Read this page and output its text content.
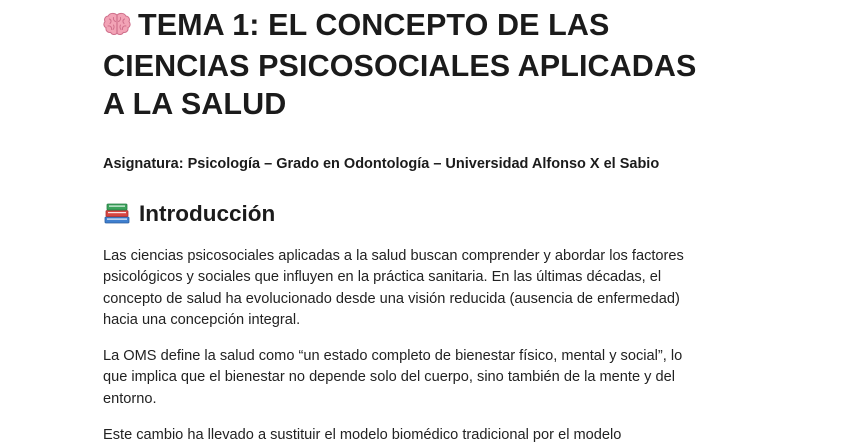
TEMA 1: EL CONCEPTO DE LAS
CIENCIAS PSICOSOCIALES APLICADAS
A LA SALUD

Asignatura: Psicología – Grado en Odontología – Universidad Alfonso X el Sabio

Introducción

Las ciencias psicosociales aplicadas a la salud buscan comprender y abordar los factores
psicológicos y sociales que influyen en la práctica sanitaria. En las últimas décadas, el
concepto de salud ha evolucionado desde una visión reducida (ausencia de enfermedad)
hacia una concepción integral.

La OMS define la salud como “un estado completo de bienestar físico, mental y social”, lo
que implica que el bienestar no depende solo del cuerpo, sino también de la mente y del
entorno.

Este cambio ha llevado a sustituir el modelo biomédico tradicional por el modelo
